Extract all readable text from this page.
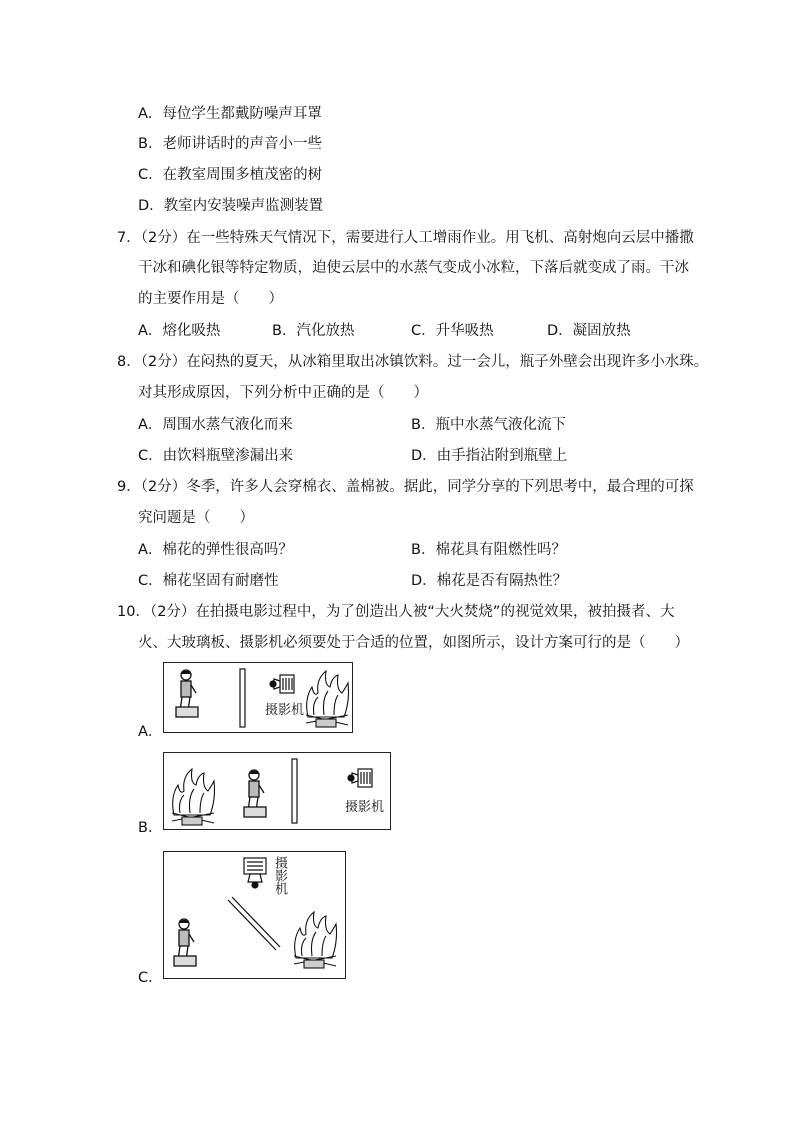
A．每位学生都戴防噪声耳罩
B．老师讲话时的声音小一些
C．在教室周围多植茂密的树
D．教室内安装噪声监测装置
7．（2分）在一些特殊天气情况下，需要进行人工增雨作业。用飞机、高射炮向云层中播撒
干冰和碘化银等特定物质，迫使云层中的水蒸气变成小冰粒，下落后就变成了雨。干冰
的主要作用是（　　）
A．熔化吸热	B．汽化放热	C．升华吸热	D．凝固放热
8．（2分）在闷热的夏天，从冰箱里取出冰镇饮料。过一会儿，瓶子外壁会出现许多小水珠。
对其形成原因，下列分析中正确的是（　　）
A．周围水蒸气液化而来	B．瓶中水蒸气液化流下
C．由饮料瓶壁渗漏出来	D．由手指沾附到瓶壁上
9．（2分）冬季，许多人会穿棉衣、盖棉被。据此，同学分享的下列思考中，最合理的可探
究问题是（　　）
A．棉花的弹性很高吗？	B．棉花具有阻燃性吗？
C．棉花坚固有耐磨性	D．棉花是否有隔热性？
10．（2分）在拍摄电影过程中，为了创造出人被“大火焚烧”的视觉效果，被拍摄者、大
火、大玻璃板、摄影机必须要处于合适的位置，如图所示，设计方案可行的是（　　）
A．
摄影机
B．
摄影机
C．
摄影机
